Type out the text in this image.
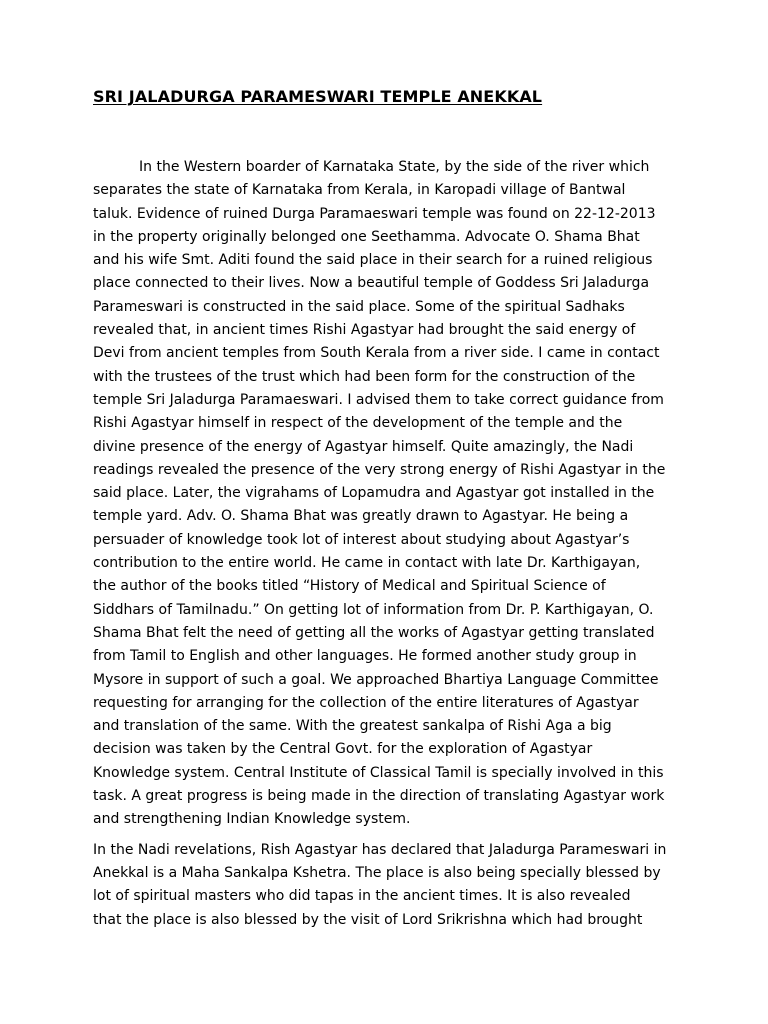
SRI JALADURGA PARAMESWARI TEMPLE ANEKKAL

In the Western boarder of Karnataka State, by the side of the river which
separates the state of Karnataka from Kerala, in Karopadi village of Bantwal
taluk. Evidence of ruined Durga Paramaeswari temple was found on 22-12-2013
in the property originally belonged one Seethamma. Advocate O. Shama Bhat
and his wife Smt. Aditi found the said place in their search for a ruined religious
place connected to their lives. Now a beautiful temple of Goddess Sri Jaladurga
Parameswari is constructed in the said place. Some of the spiritual Sadhaks
revealed that, in ancient times Rishi Agastyar had brought the said energy of
Devi from ancient temples from South Kerala from a river side. I came in contact
with the trustees of the trust which had been form for the construction of the
temple Sri Jaladurga Paramaeswari. I advised them to take correct guidance from
Rishi Agastyar himself in respect of the development of the temple and the
divine presence of the energy of Agastyar himself. Quite amazingly, the Nadi
readings revealed the presence of the very strong energy of Rishi Agastyar in the
said place. Later, the vigrahams of Lopamudra and Agastyar got installed in the
temple yard. Adv. O. Shama Bhat was greatly drawn to Agastyar. He being a
persuader of knowledge took lot of interest about studying about Agastyar’s
contribution to the entire world. He came in contact with late Dr. Karthigayan,
the author of the books titled “History of Medical and Spiritual Science of
Siddhars of Tamilnadu.” On getting lot of information from Dr. P. Karthigayan, O.
Shama Bhat felt the need of getting all the works of Agastyar getting translated
from Tamil to English and other languages. He formed another study group in
Mysore in support of such a goal. We approached Bhartiya Language Committee
requesting for arranging for the collection of the entire literatures of Agastyar
and translation of the same. With the greatest sankalpa of Rishi Aga a big
decision was taken by the Central Govt. for the exploration of Agastyar
Knowledge system. Central Institute of Classical Tamil is specially involved in this
task. A great progress is being made in the direction of translating Agastyar work
and strengthening Indian Knowledge system.

In the Nadi revelations, Rish Agastyar has declared that Jaladurga Parameswari in
Anekkal is a Maha Sankalpa Kshetra. The place is also being specially blessed by
lot of spiritual masters who did tapas in the ancient times. It is also revealed
that the place is also blessed by the visit of Lord Srikrishna which had brought
